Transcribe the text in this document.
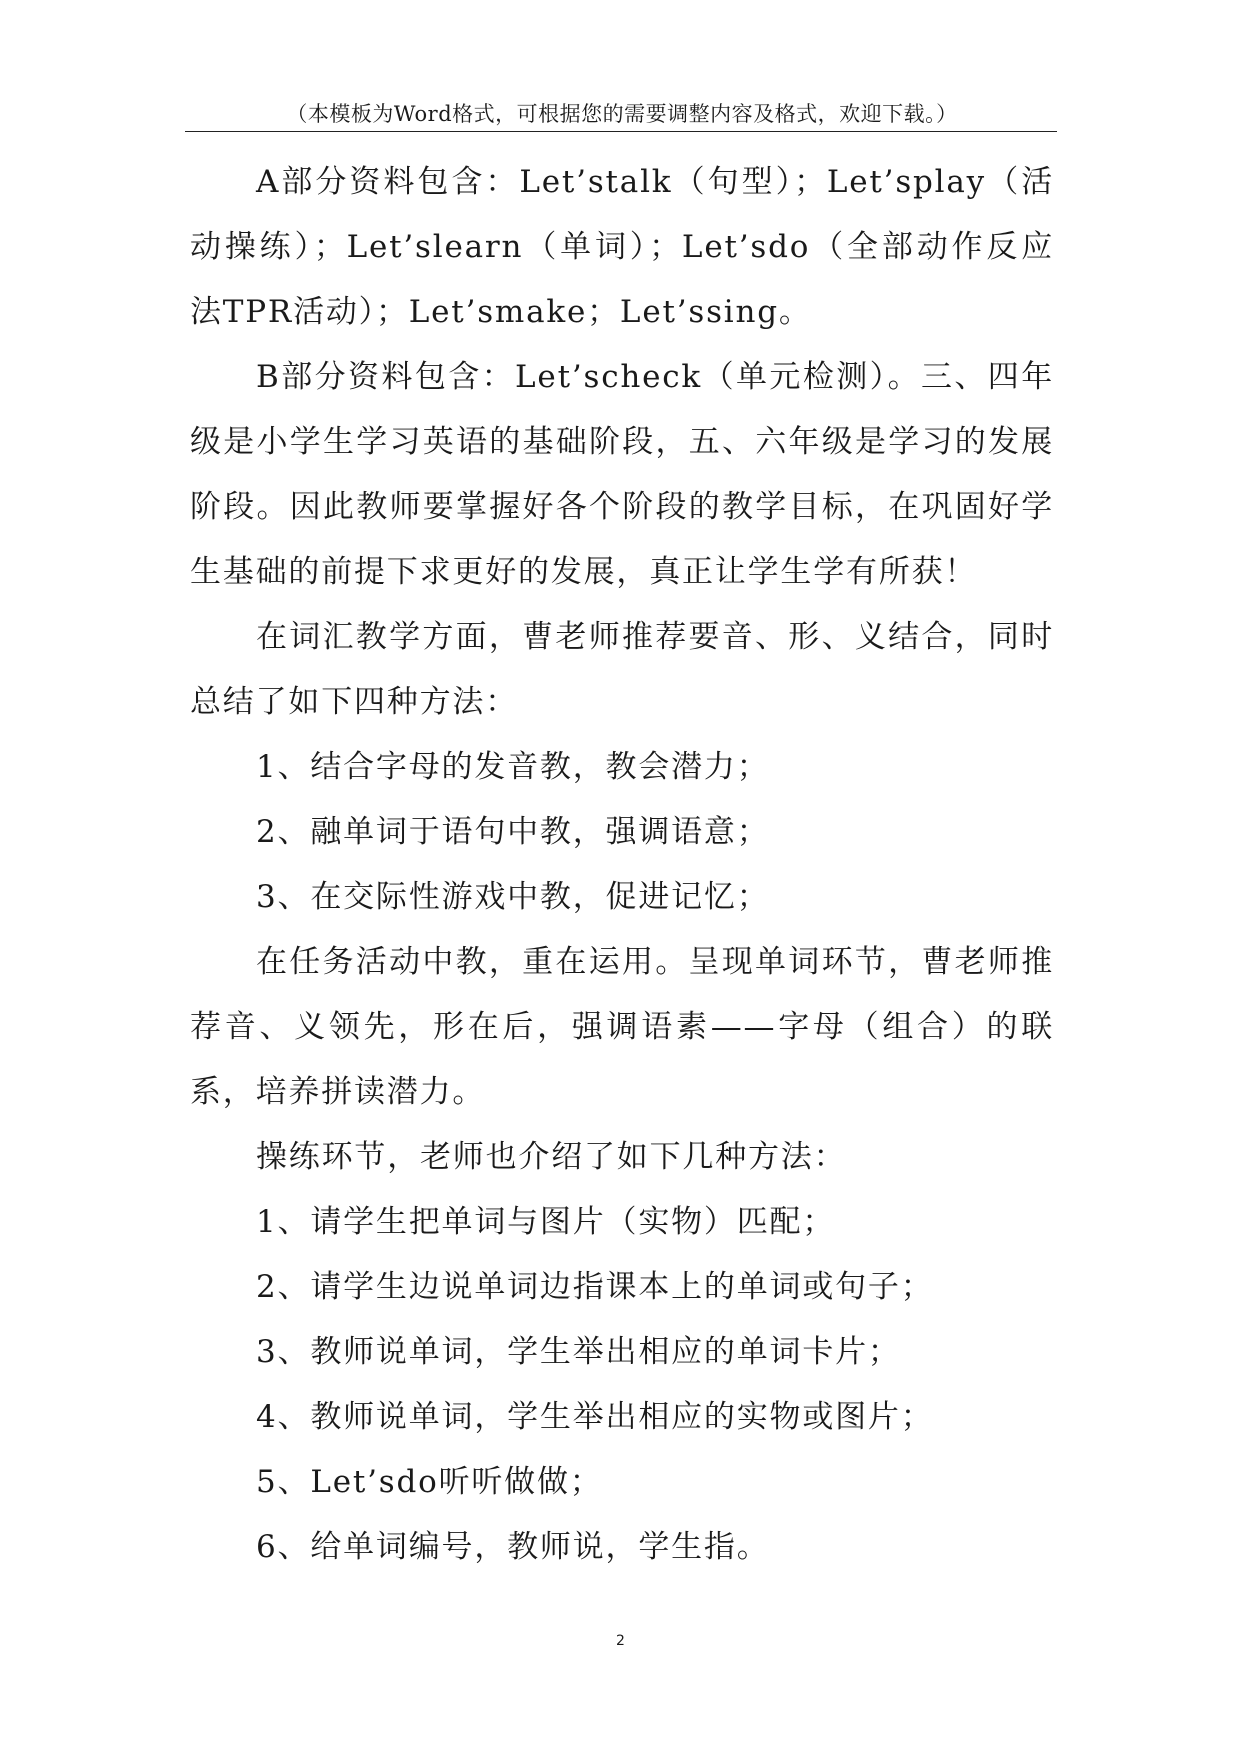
（本模板为Word格式，可根据您的需要调整内容及格式，欢迎下载。）

A部分资料包含：Let’stalk（句型）；Let’splay（活动操练）；Let’slearn（单词）；Let’sdo（全部动作反应法TPR活动）；Let’smake；Let’ssing。

B部分资料包含：Let’scheck（单元检测）。三、四年级是小学生学习英语的基础阶段，五、六年级是学习的发展阶段。因此教师要掌握好各个阶段的教学目标，在巩固好学生基础的前提下求更好的发展，真正让学生学有所获！

在词汇教学方面，曹老师推荐要音、形、义结合，同时总结了如下四种方法：

1、结合字母的发音教，教会潜力；

2、融单词于语句中教，强调语意；

3、在交际性游戏中教，促进记忆；

在任务活动中教，重在运用。呈现单词环节，曹老师推荐音、义领先，形在后，强调语素——字母（组合）的联系，培养拼读潜力。

操练环节，老师也介绍了如下几种方法：

1、请学生把单词与图片（实物）匹配；

2、请学生边说单词边指课本上的单词或句子；

3、教师说单词，学生举出相应的单词卡片；

4、教师说单词，学生举出相应的实物或图片；

5、Let’sdo听听做做；

6、给单词编号，教师说，学生指。

2
